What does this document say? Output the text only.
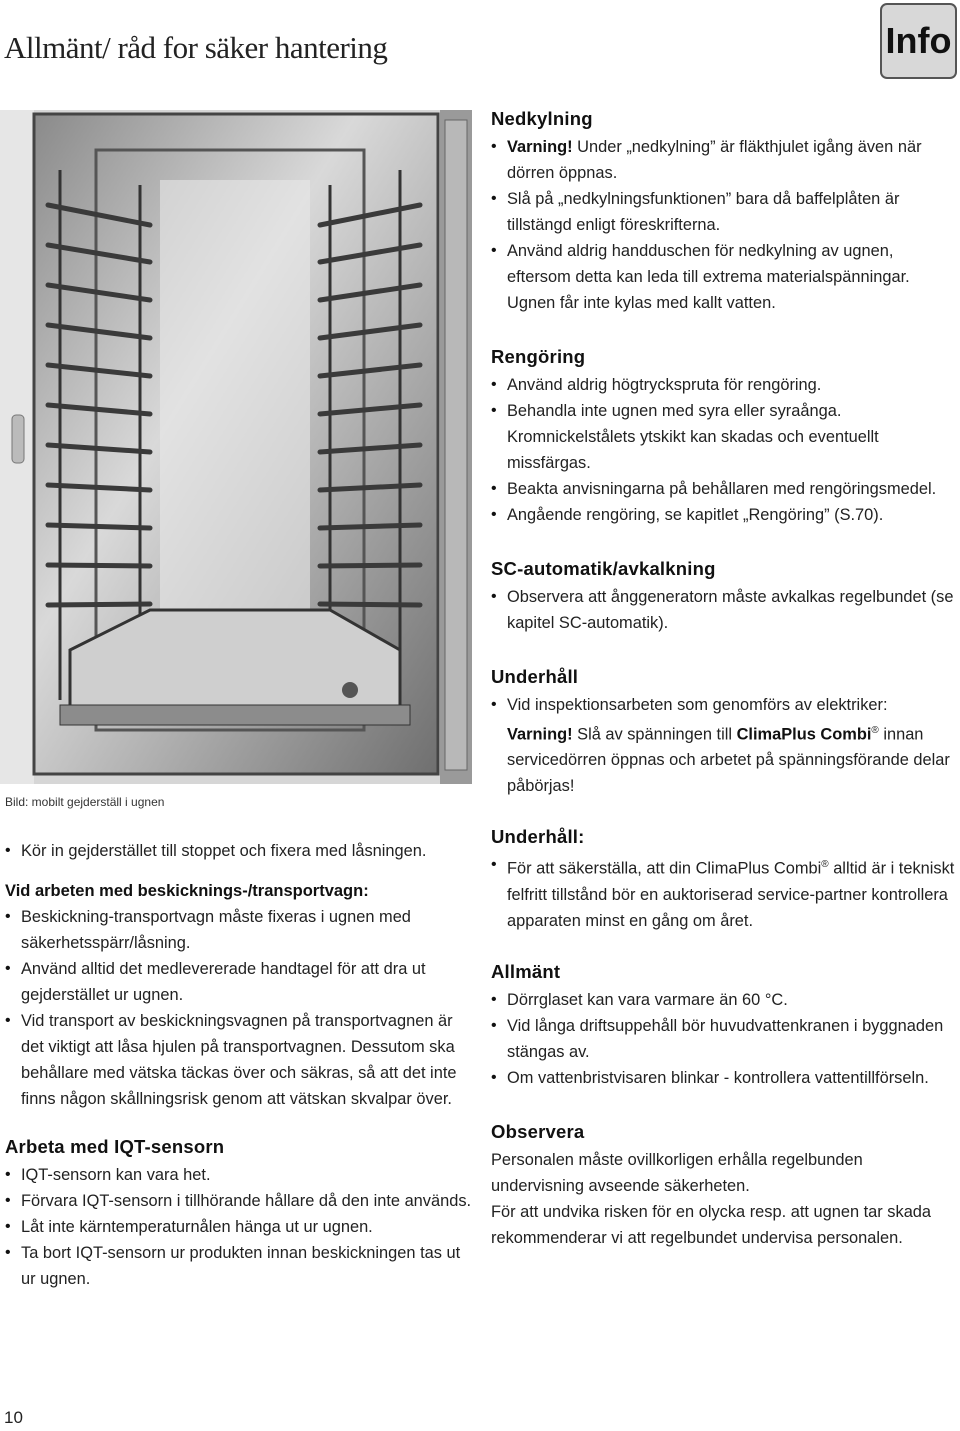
Allmänt/ råd for säker hantering	Info
Bild: mobilt gejderställ i ugnen
• Kör in gejderstället till stoppet och fixera med låsningen.
Vid arbeten med beskicknings-/transportvagn:
• Beskickning-transportvagn måste fixeras i ugnen med säkerhetsspärr/låsning.
• Använd alltid det medlevererade handtagel för att dra ut gejderstället ur ugnen.
• Vid transport av beskickningsvagnen på transportvagnen är det viktigt att låsa hjulen på transportvagnen. Dessutom ska behållare med vätska täckas över och säkras, så att det inte finns någon skållningsrisk genom att vätskan skvalpar över.
Arbeta med IQT-sensorn
• IQT-sensorn kan vara het.
• Förvara IQT-sensorn i tillhörande hållare då den inte används.
• Låt inte kärntemperaturnålen hänga ut ur ugnen.
• Ta bort IQT-sensorn ur produkten innan beskickningen tas ut ur ugnen.
Nedkylning
• Varning! Under „nedkylning” är fläkthjulet igång även när dörren öppnas.
• Slå på „nedkylningsfunktionen” bara då baffelplåten är tillstängd enligt föreskrifterna.
• Använd aldrig handduschen för nedkylning av ugnen, eftersom detta kan leda till extrema materialspänningar. Ugnen får inte kylas med kallt vatten.
Rengöring
• Använd aldrig högtryckspruta för rengöring.
• Behandla inte ugnen med syra eller syraånga. Kromnickelstålets ytskikt kan skadas och eventuellt missfärgas.
• Beakta anvisningarna på behållaren med rengöringsmedel.
• Angående rengöring, se kapitlet „Rengöring” (S.70).
SC-automatik/avkalkning
• Observera att ånggeneratorn måste avkalkas regelbundet (se kapitel SC-automatik).
Underhåll
• Vid inspektionsarbeten som genomförs av elektriker:
Varning! Slå av spänningen till ClimaPlus Combi® innan servicedörren öppnas och arbetet på spänningsförande delar påbörjas!
Underhåll:
• För att säkerställa, att din ClimaPlus Combi® alltid är i tekniskt felfritt tillstånd bör en auktoriserad service-partner kontrollera apparaten minst en gång om året.
Allmänt
• Dörrglaset kan vara varmare än 60 °C.
• Vid långa driftsuppehåll bör huvudvattenkranen i byggnaden stängas av.
• Om vattenbristvisaren blinkar - kontrollera vattentillförseln.
Observera

Personalen måste ovillkorligen erhålla regelbunden undervisning avseende säkerheten.

För att undvika risken för en olycka resp. att ugnen tar skada rekommenderar vi att regelbundet undervisa personalen.

10
